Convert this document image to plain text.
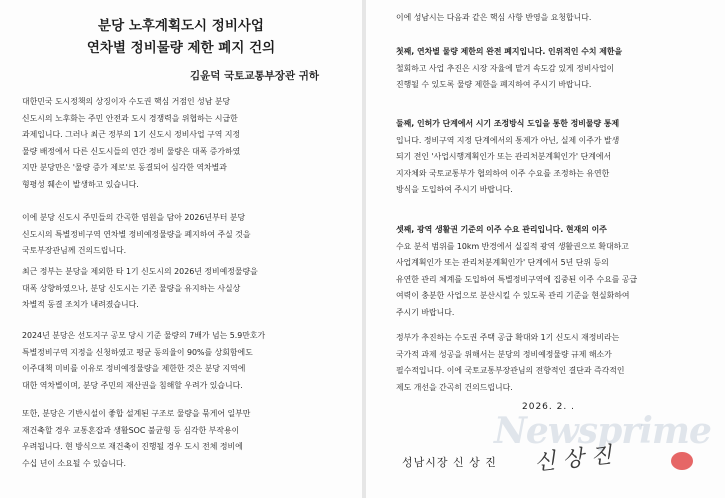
분당 노후계획도시 정비사업
연차별 정비물량 제한 폐지 건의
김윤덕 국토교통부장관 귀하
대한민국 도시정책의 상징이자 수도권 핵심 거점인 성남 분당
신도시의 노후화는 주민 안전과 도시 경쟁력을 위협하는 시급한
과제입니다. 그러나 최근 정부의 1기 신도시 정비사업 구역 지정
물량 배정에서 다른 신도시들의 연간 정비 물량은 대폭 증가하였
지만 분당만은 '물량 증가 제로'로 동결되어 심각한 역차별과
형평성 훼손이 발생하고 있습니다.
이에 분당 신도시 주민들의 간곡한 염원을 담아 2026년부터 분당
신도시의 특별정비구역 연차별 정비예정물량을 폐지하여 주실 것을
국토부장관님께 건의드립니다.
최근 정부는 분당을 제외한 타 1기 신도시의 2026년 정비예정물량을
대폭 상향하였으나, 분당 신도시는 기존 물량을 유지하는 사실상
차별적 동결 조치가 내려졌습니다.
2024년 분당은 선도지구 공모 당시 기준 물량의 7배가 넘는 5.9만호가
특별정비구역 지정을 신청하였고 평균 동의율이 90%를 상회함에도
이주대책 미비를 이유로 정비예정물량을 제한한 것은 분당 지역에
대한 역차별이며, 분당 주민의 재산권을 침해할 우려가 있습니다.
또한, 분당은 기반시설이 좋합 설계된 구조로 물량을 묶게어 일부만
재건축할 경우 교통혼잡과 생활SOC 불균형 등 심각한 부작용이
우려됩니다. 현 방식으로 재건축이 진행될 경우 도시 전체 정비에
수십 년이 소요될 수 있습니다.
이에 성남시는 다음과 같은 핵심 사항 반영을 요청합니다.
첫째, 연차별 물량 제한의 완전 폐지입니다. 인위적인 수치 제한을
철회하고 사업 추진은 시장 자율에 맡겨 속도감 있게 정비사업이
진행될 수 있도록 물량 제한을 폐지하여 주시기 바랍니다.
둘째, 인허가 단계에서 시기 조정방식 도입을 통한 정비물량 통제
입니다. 정비구역 지정 단계에서의 통제가 아닌, 실제 이주가 발생
되기 전인 '사업시행계획인가 또는 관리처분계획인가' 단계에서
지자체와 국토교통부가 협의하여 이주 수요를 조정하는 유연한
방식을 도입하여 주시기 바랍니다.
셋째, 광역 생활권 기준의 이주 수요 관리입니다. 현재의 이주
수요 분석 범위를 10km 반경에서 실질적 광역 생활권으로 확대하고
사업계획인가 또는 관리처분계획인가' 단계에서 5년 단위 등의
유연한 관리 체계를 도입하여 특별정비구역에 집중된 이주 수요를 공급
여력이 충분한 사업으로 분산시킬 수 있도록 관리 기준을 현실화하여
주시기 바랍니다.
정부가 추진하는 수도권 주택 공급 확대와 1기 신도시 재정비라는
국가적 과제 성공을 위해서는 분당의 정비예정물량 규제 해소가
필수적입니다. 이에 국토교통부장관님의 전향적인 결단과 즉각적인
제도 개선을 간곡히 건의드립니다.
Newsprime
2026. 2. .
성남시장 신 상 진 신 상 진
